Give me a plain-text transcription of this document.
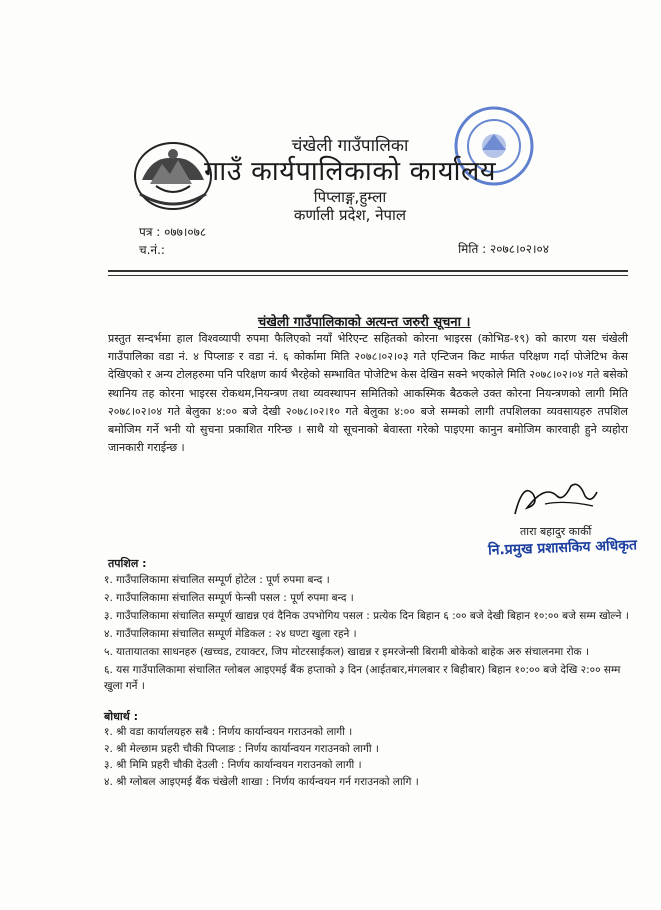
चंखेली गाउँपालिका
गाउँ कार्यपालिकाको कार्यालय
पिप्लाङ्ग,हुम्ला
कर्णाली प्रदेश, नेपाल
पत्र : ०७७।०७८
च.नं.:	मिति : २०७८।०२।०४
चंखेली गाउँपालिकाको अत्यन्त जरुरी सूचना ।
प्रस्तुत सन्दर्भमा हाल विश्वव्यापी रुपमा फैलिएको नयाँ भेरिएन्ट सहितको कोरना भाइरस (कोभिड-१९) को कारण यस चंखेली गाउँपालिका वडा नं. ४ पिप्लाङ र वडा नं. ६ कोर्कामा मिति २०७८।०२।०३ गते एन्टिजन किट मार्फत परिक्षण गर्दा पोजेटिभ केस देखिएको र अन्य टोलहरुमा पनि परिक्षण कार्य भैरहेको सम्भावित पोजेटिभ केस देखिन सक्ने भएकोले मिति २०७८।०२।०४ गते बसेको स्थानिय तह कोरना भाइरस रोकथम,नियन्त्रण तथा व्यवस्थापन समितिको आकस्मिक बैठकले उक्त कोरना नियन्त्रणको लागी मिति २०७८।०२।०४ गते बेलुका ४:०० बजे देखी २०७८।०२।१० गते बेलुका ४:०० बजे सम्मको लागी तपशिलका व्यवसायहरु तपशिल बमोजिम गर्ने भनी यो सुचना प्रकाशित गरिन्छ । साथै यो सूचनाको बेवास्ता गरेको पाइएमा कानुन बमोजिम कारवाही हुने व्यहोरा जानकारी गराईन्छ ।
तारा बहादुर कार्की
नि.प्रमुख प्रशासकिय अधिकृत
तपशिल :
१. गाउँपालिकामा संचालित सम्पूर्ण होटेल : पूर्ण रुपमा बन्द ।
२. गाउँपालिकामा संचालित सम्पूर्ण फेन्सी पसल : पूर्ण रुपमा बन्द ।
३. गाउँपालिकामा संचालित सम्पूर्ण खाद्यन्न एवं दैनिक उपभोगिय पसल : प्रत्येक दिन बिहान ६ :०० बजे देखी बिहान १०:०० बजे सम्म खोल्ने ।
४. गाउँपालिकामा संचालित सम्पूर्ण मेडिकल : २४ घण्टा खुला रहने ।
५. यातायातका साधनहरु (खच्चड, टयाक्टर, जिप मोटरसाईकल) खाद्यन्न र इमरजेन्सी बिरामी बोकेको बाहेक अरु संचालनमा रोक ।
६. यस गाउँपालिकामा संचालित ग्लोबल आइएमई बैंक हप्ताको ३ दिन (आईतबार,मंगलबार र बिहीबार) बिहान १०:०० बजे देखि २:०० सम्म खुला गर्ने ।
बोधार्थ :
१. श्री वडा कार्यालयहरु सबै : निर्णय कार्यान्वयन गराउनको लागी ।
२. श्री मेल्छाम प्रहरी चौकी पिप्लाङ : निर्णय कार्यान्वयन गराउनको लागी ।
३. श्री मिमि प्रहरी चौकी देउली : निर्णय कार्यान्वयन गराउनको लागी ।
४. श्री ग्लोबल आइएमई बैंक चंखेली शाखा : निर्णय कार्यन्वयन गर्न गराउनको लागि ।
